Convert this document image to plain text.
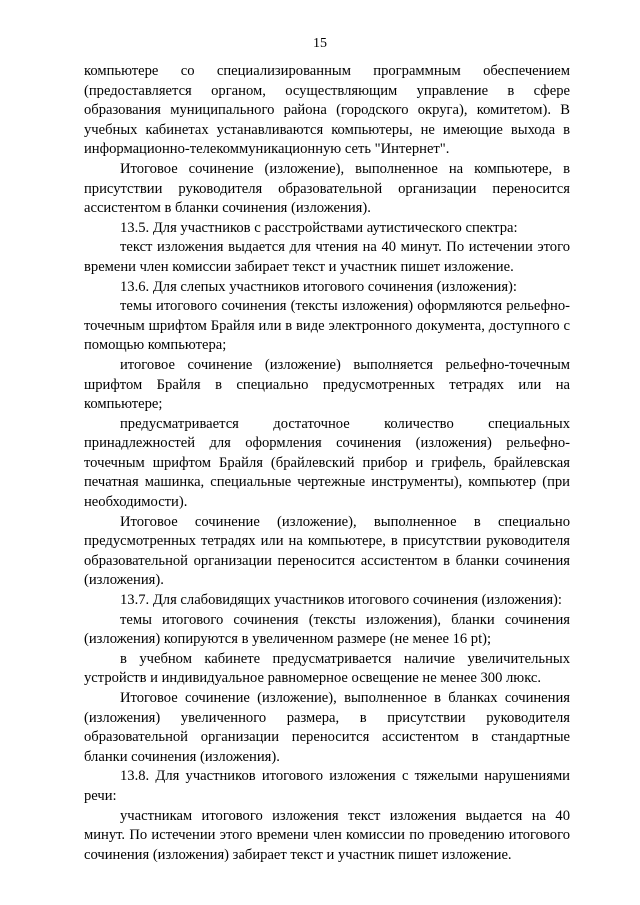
15

компьютере со специализированным программным обеспечением (предоставляется органом, осуществляющим управление в сфере образования муниципального района (городского округа), комитетом). В учебных кабинетах устанавливаются компьютеры, не имеющие выхода в информационно-телекоммуникационную сеть "Интернет".

Итоговое сочинение (изложение), выполненное на компьютере, в присутствии руководителя образовательной организации переносится ассистентом в бланки сочинения (изложения).

13.5. Для участников с расстройствами аутистического спектра:

текст изложения выдается для чтения на 40 минут. По истечении этого времени член комиссии забирает текст и участник пишет изложение.

13.6. Для слепых участников итогового сочинения (изложения):

темы итогового сочинения (тексты изложения) оформляются рельефно-точечным шрифтом Брайля или в виде электронного документа, доступного с помощью компьютера;

итоговое сочинение (изложение) выполняется рельефно-точечным шрифтом Брайля в специально предусмотренных тетрадях или на компьютере;

предусматривается достаточное количество специальных принадлежностей для оформления сочинения (изложения) рельефно-точечным шрифтом Брайля (брайлевский прибор и грифель, брайлевская печатная машинка, специальные чертежные инструменты), компьютер (при необходимости).

Итоговое сочинение (изложение), выполненное в специально предусмотренных тетрадях или на компьютере, в присутствии руководителя образовательной организации переносится ассистентом в бланки сочинения (изложения).

13.7. Для слабовидящих участников итогового сочинения (изложения):

темы итогового сочинения (тексты изложения), бланки сочинения (изложения) копируются в увеличенном размере (не менее 16 pt);

в учебном кабинете предусматривается наличие увеличительных устройств и индивидуальное равномерное освещение не менее 300 люкс.

Итоговое сочинение (изложение), выполненное в бланках сочинения (изложения) увеличенного размера, в присутствии руководителя образовательной организации переносится ассистентом в стандартные бланки сочинения (изложения).

13.8. Для участников итогового изложения с тяжелыми нарушениями речи:

участникам итогового изложения текст изложения выдается на 40 минут. По истечении этого времени член комиссии по проведению итогового сочинения (изложения) забирает текст и участник пишет изложение.
